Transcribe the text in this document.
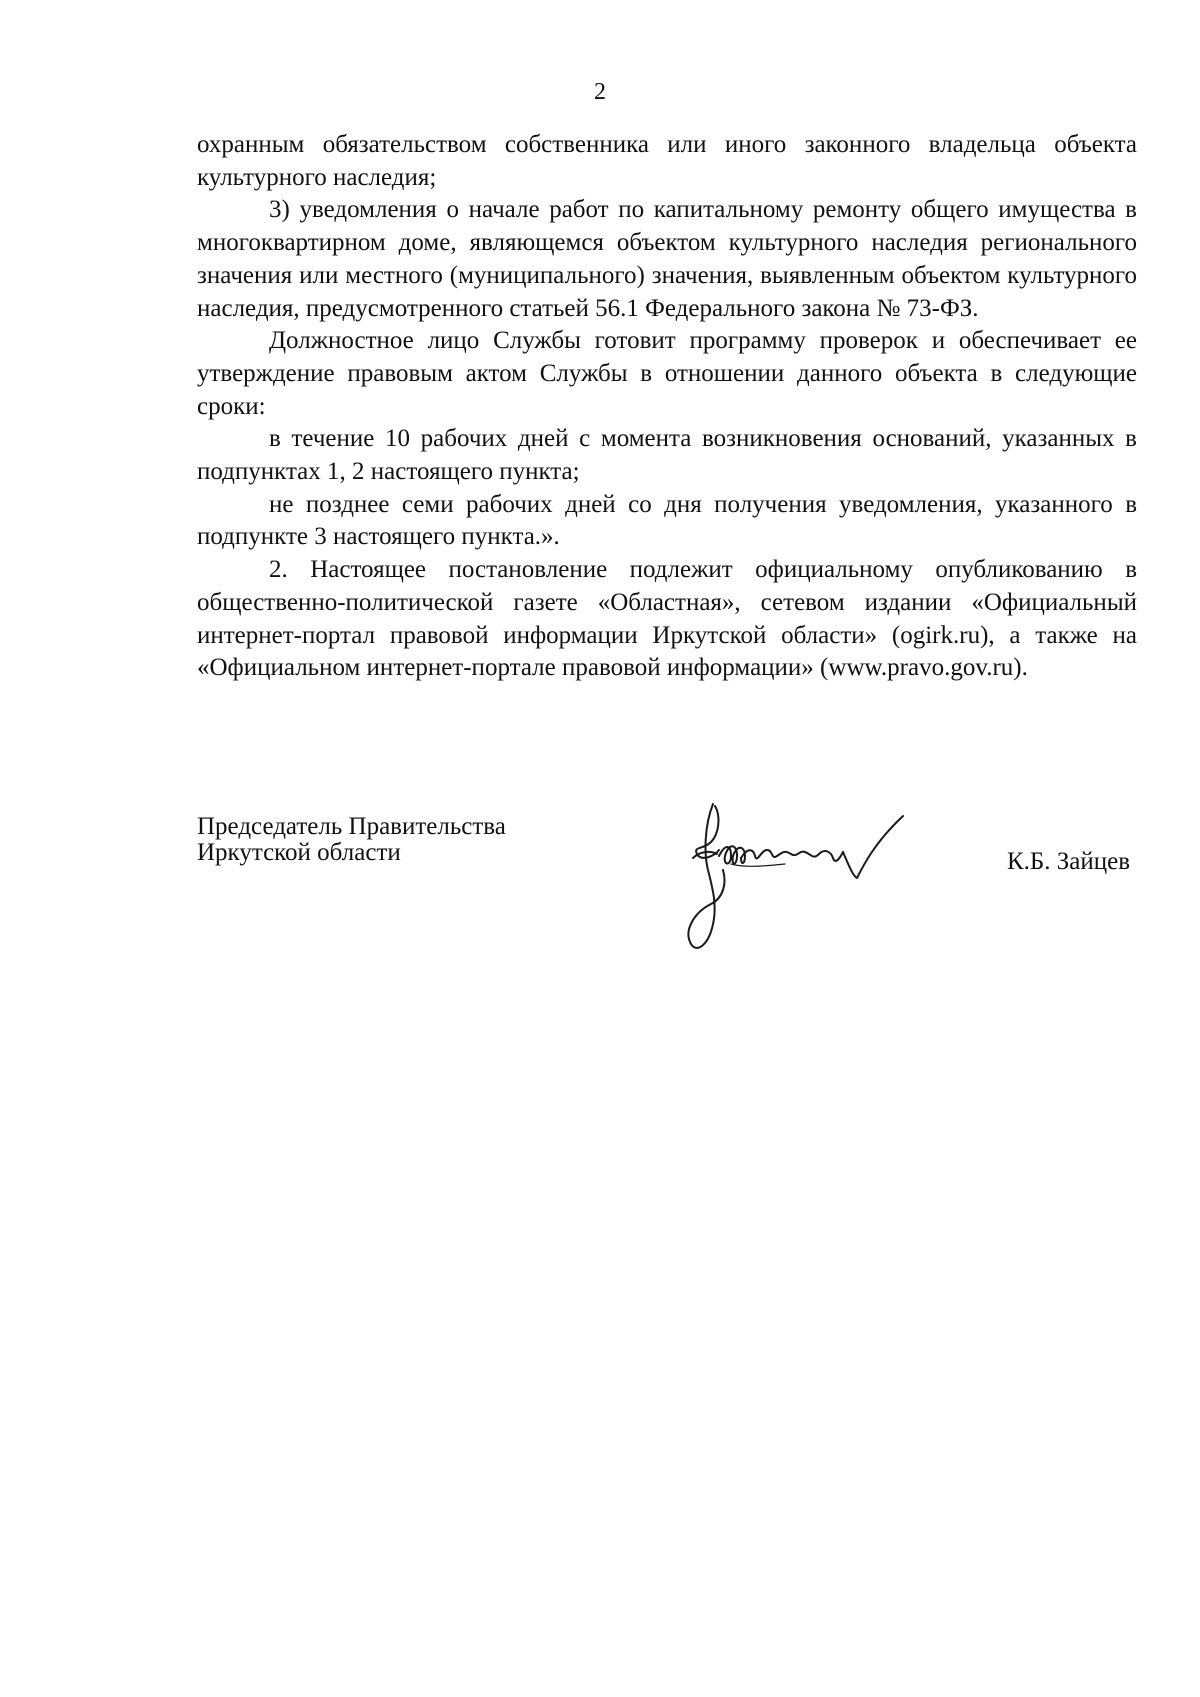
2

охранным обязательством собственника или иного законного владельца объекта культурного наследия;

3) уведомления о начале работ по капитальному ремонту общего имущества в многоквартирном доме, являющемся объектом культурного наследия регионального значения или местного (муниципального) значения, выявленным объектом культурного наследия, предусмотренного статьей 56.1 Федерального закона № 73-ФЗ.

Должностное лицо Службы готовит программу проверок и обеспечивает ее утверждение правовым актом Службы в отношении данного объекта в следующие сроки:

в течение 10 рабочих дней с момента возникновения оснований, указанных в подпунктах 1, 2 настоящего пункта;

не позднее семи рабочих дней со дня получения уведомления, указанного в подпункте 3 настоящего пункта.».

2. Настоящее постановление подлежит официальному опубликованию в общественно-политической газете «Областная», сетевом издании «Официальный интернет-портал правовой информации Иркутской области» (ogirk.ru), а также на «Официальном интернет-портале правовой информации» (www.pravo.gov.ru).

Председатель Правительства
Иркутской области	К.Б. Зайцев
